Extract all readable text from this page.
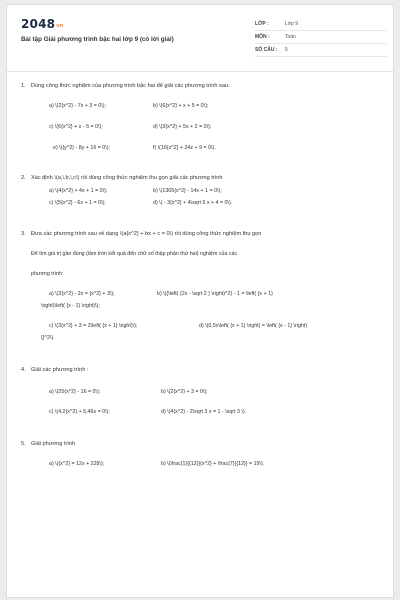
$2048^{vn}$
Bài tập Giải phương trình bậc hai lớp 9 (có lời giải)
LỚP :	Lớp 9
MÔN :	Toán
SỐ CÂU :	5
1. Dùng công thức nghiệm của phương trình bậc hai để giải các phương trình sau:
a) \(2{x^2} - 7x + 3 = 0\);	b) \(6{x^2} + x + 5 = 0\);
c) \(6{x^2} + x - 5 = 0\);	d) \(3{x^2} + 5x + 2 = 0\);
e) \({y^2} - 8y + 16 = 0\);	f) \(16{z^2} + 24z + 9 = 0\).
2. Xác định \(a,\,b,\,c\) rồi dùng công thức nghiệm thu gọn giải các phương trình
a) \(4{x^2} + 4x + 1 = 0\);	b) \(1365{x^2} - 14x + 1 = 0\);
c) \(5{x^2} - 6x + 1 = 0\);	d) \( - 3{x^2} + 4\sqrt 6 x + 4 = 0\).
3. Đưa các phương trình sau về dạng \(a{x^2} + bx + c = 0\) rồi dùng công thức nghiệm thu gọn
Để tìm giá trị gần đúng (làm tròn kết quả đến chữ số thập phân thứ hai) nghiệm của các
phương trình:
a) \(3{x^2} - 2x = {x^2} + 3\);	b) \({\left( {2x - \sqrt 2 } \right)^2} - 1 = \left( {x + 1}
\right)\left( {x - 1} \right)\);
c) \(3{x^2} + 3 = 2\left( {x + 1} \right)\);	d) \(0,5x\left( {x + 1} \right) = \left( {x - 1} \right)
{}^2\).
4. Giải các phương trình :
a) \(25{x^2} - 16 = 0\);	b) \(2{x^2} + 3 = 0\);
c) \(4,2{x^2} + 5,46x = 0\);	d) \(4{x^2} - 2\sqrt 3 x = 1 - \sqrt 3 \).
5. Giải phương trình
a) \({x^2} = 12x + 228\);	b) \(\frac{1}{{12}}{x^2} + \frac{7}{{12}} = 19\).
